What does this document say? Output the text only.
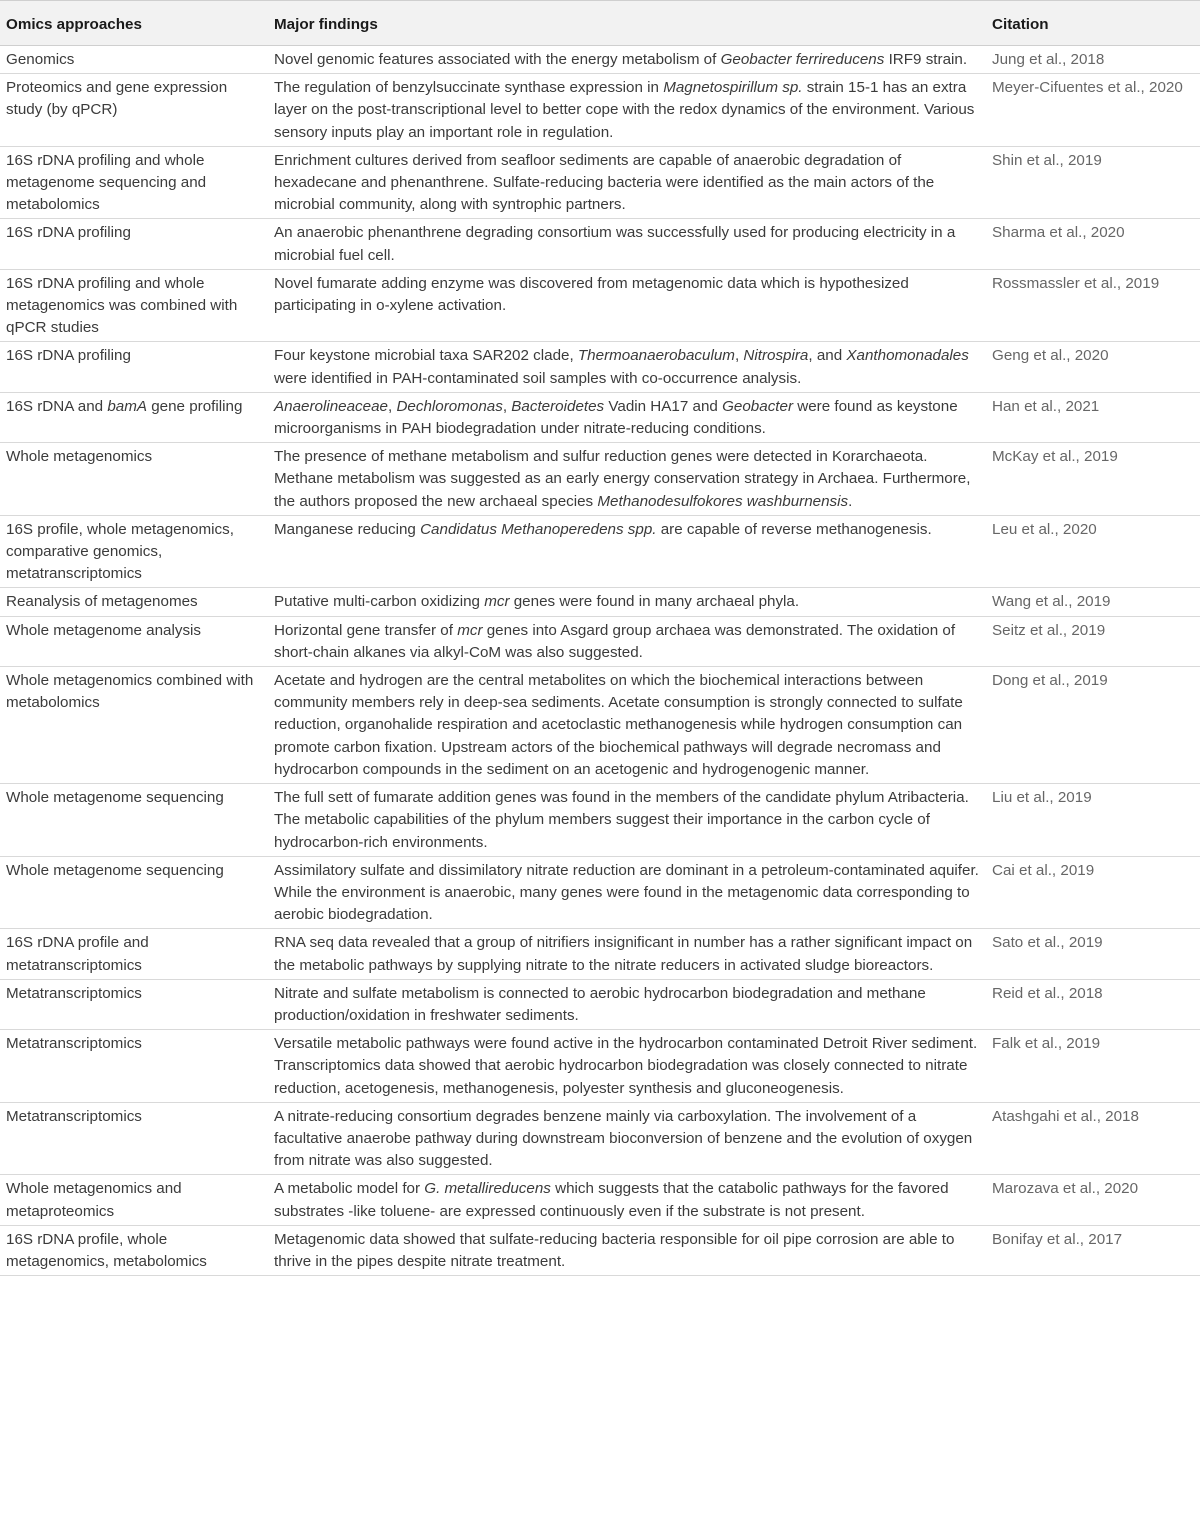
Omics approaches	Major findings	Citation
Genomics	Novel genomic features associated with the energy metabolism of Geobacter ferrireducens IRF9 strain.	Jung et al., 2018
Proteomics and gene expression study (by qPCR)	The regulation of benzylsuccinate synthase expression in Magnetospirillum sp. strain 15-1 has an extra layer on the post-transcriptional level to better cope with the redox dynamics of the environment. Various sensory inputs play an important role in regulation.	Meyer-Cifuentes et al., 2020
16S rDNA profiling and whole metagenome sequencing and metabolomics	Enrichment cultures derived from seafloor sediments are capable of anaerobic degradation of hexadecane and phenanthrene. Sulfate-reducing bacteria were identified as the main actors of the microbial community, along with syntrophic partners.	Shin et al., 2019
16S rDNA profiling	An anaerobic phenanthrene degrading consortium was successfully used for producing electricity in a microbial fuel cell.	Sharma et al., 2020
16S rDNA profiling and whole metagenomics was combined with qPCR studies	Novel fumarate adding enzyme was discovered from metagenomic data which is hypothesized participating in o-xylene activation.	Rossmassler et al., 2019
16S rDNA profiling	Four keystone microbial taxa SAR202 clade, Thermoanaerobaculum, Nitrospira, and Xanthomonadales were identified in PAH-contaminated soil samples with co-occurrence analysis.	Geng et al., 2020
16S rDNA and bamA gene profiling	Anaerolineaceae, Dechloromonas, Bacteroidetes Vadin HA17 and Geobacter were found as keystone microorganisms in PAH biodegradation under nitrate-reducing conditions.	Han et al., 2021
Whole metagenomics	The presence of methane metabolism and sulfur reduction genes were detected in Korarchaeota. Methane metabolism was suggested as an early energy conservation strategy in Archaea. Furthermore, the authors proposed the new archaeal species Methanodesulfokores washburnensis.	McKay et al., 2019
16S profile, whole metagenomics, comparative genomics, metatranscriptomics	Manganese reducing Candidatus Methanoperedens spp. are capable of reverse methanogenesis.	Leu et al., 2020
Reanalysis of metagenomes	Putative multi-carbon oxidizing mcr genes were found in many archaeal phyla.	Wang et al., 2019
Whole metagenome analysis	Horizontal gene transfer of mcr genes into Asgard group archaea was demonstrated. The oxidation of short-chain alkanes via alkyl-CoM was also suggested.	Seitz et al., 2019
Whole metagenomics combined with metabolomics	Acetate and hydrogen are the central metabolites on which the biochemical interactions between community members rely in deep-sea sediments. Acetate consumption is strongly connected to sulfate reduction, organohalide respiration and acetoclastic methanogenesis while hydrogen consumption can promote carbon fixation. Upstream actors of the biochemical pathways will degrade necromass and hydrocarbon compounds in the sediment on an acetogenic and hydrogenogenic manner.	Dong et al., 2019
Whole metagenome sequencing	The full sett of fumarate addition genes was found in the members of the candidate phylum Atribacteria. The metabolic capabilities of the phylum members suggest their importance in the carbon cycle of hydrocarbon-rich environments.	Liu et al., 2019
Whole metagenome sequencing	Assimilatory sulfate and dissimilatory nitrate reduction are dominant in a petroleum-contaminated aquifer. While the environment is anaerobic, many genes were found in the metagenomic data corresponding to aerobic biodegradation.	Cai et al., 2019
16S rDNA profile and metatranscriptomics	RNA seq data revealed that a group of nitrifiers insignificant in number has a rather significant impact on the metabolic pathways by supplying nitrate to the nitrate reducers in activated sludge bioreactors.	Sato et al., 2019
Metatranscriptomics	Nitrate and sulfate metabolism is connected to aerobic hydrocarbon biodegradation and methane production/oxidation in freshwater sediments.	Reid et al., 2018
Metatranscriptomics	Versatile metabolic pathways were found active in the hydrocarbon contaminated Detroit River sediment. Transcriptomics data showed that aerobic hydrocarbon biodegradation was closely connected to nitrate reduction, acetogenesis, methanogenesis, polyester synthesis and gluconeogenesis.	Falk et al., 2019
Metatranscriptomics	A nitrate-reducing consortium degrades benzene mainly via carboxylation. The involvement of a facultative anaerobe pathway during downstream bioconversion of benzene and the evolution of oxygen from nitrate was also suggested.	Atashgahi et al., 2018
Whole metagenomics and metaproteomics	A metabolic model for G. metallireducens which suggests that the catabolic pathways for the favored substrates -like toluene- are expressed continuously even if the substrate is not present.	Marozava et al., 2020
16S rDNA profile, whole metagenomics, metabolomics	Metagenomic data showed that sulfate-reducing bacteria responsible for oil pipe corrosion are able to thrive in the pipes despite nitrate treatment.	Bonifay et al., 2017
